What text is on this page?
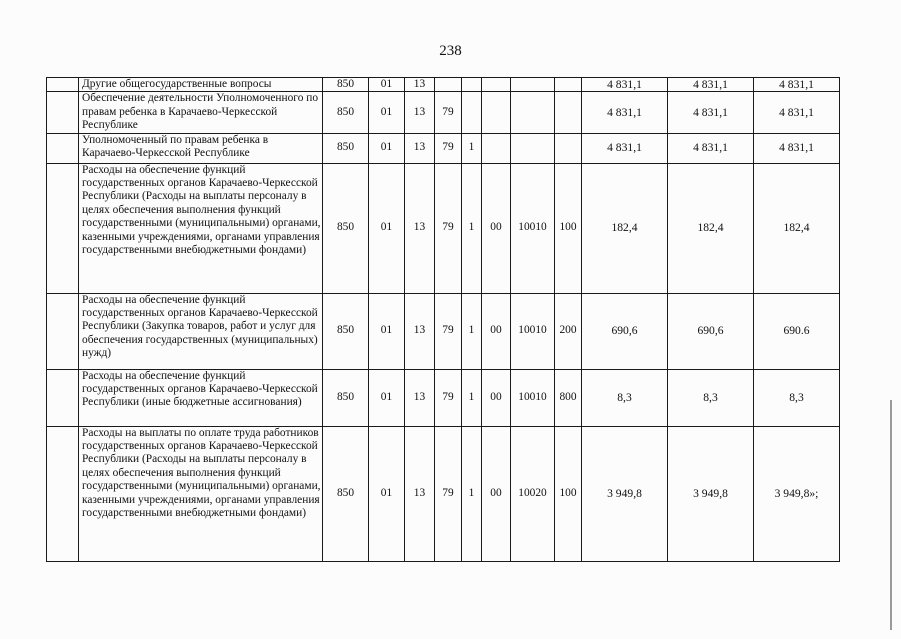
238
	Другие общегосударственные вопросы	850	01	13						4 831,1	4 831,1	4 831,1
	Обеспечение деятельности Уполномоченного по правам ребенка в Карачаево-Черкесской Республике	850	01	13	79					4 831,1	4 831,1	4 831,1
	Уполномоченный по правам ребенка в Карачаево-Черкесской Республике	850	01	13	79	1				4 831,1	4 831,1	4 831,1
	Расходы на обеспечение функций государственных органов Карачаево-Черкесской Республики (Расходы на выплаты персоналу в целях обеспечения выполнения функций государственными (муниципальными) органами, казенными учреждениями, органами управления государственными внебюджетными фондами)	850	01	13	79	1	00	10010	100	182,4	182,4	182,4
	Расходы на обеспечение функций государственных органов Карачаево-Черкесской Республики (Закупка товаров, работ и услуг для обеспечения государственных (муниципальных) нужд)	850	01	13	79	1	00	10010	200	690,6	690,6	690.6
	Расходы на обеспечение функций государственных органов Карачаево-Черкесской Республики (иные бюджетные ассигнования)	850	01	13	79	1	00	10010	800	8,3	8,3	8,3
	Расходы на выплаты по оплате труда работников государственных органов Карачаево-Черкесской Республики (Расходы на выплаты персоналу в целях обеспечения выполнения функций государственными (муниципальными) органами, казенными учреждениями, органами управления государственными внебюджетными фондами)	850	01	13	79	1	00	10020	100	3 949,8	3 949,8	3 949,8»;
